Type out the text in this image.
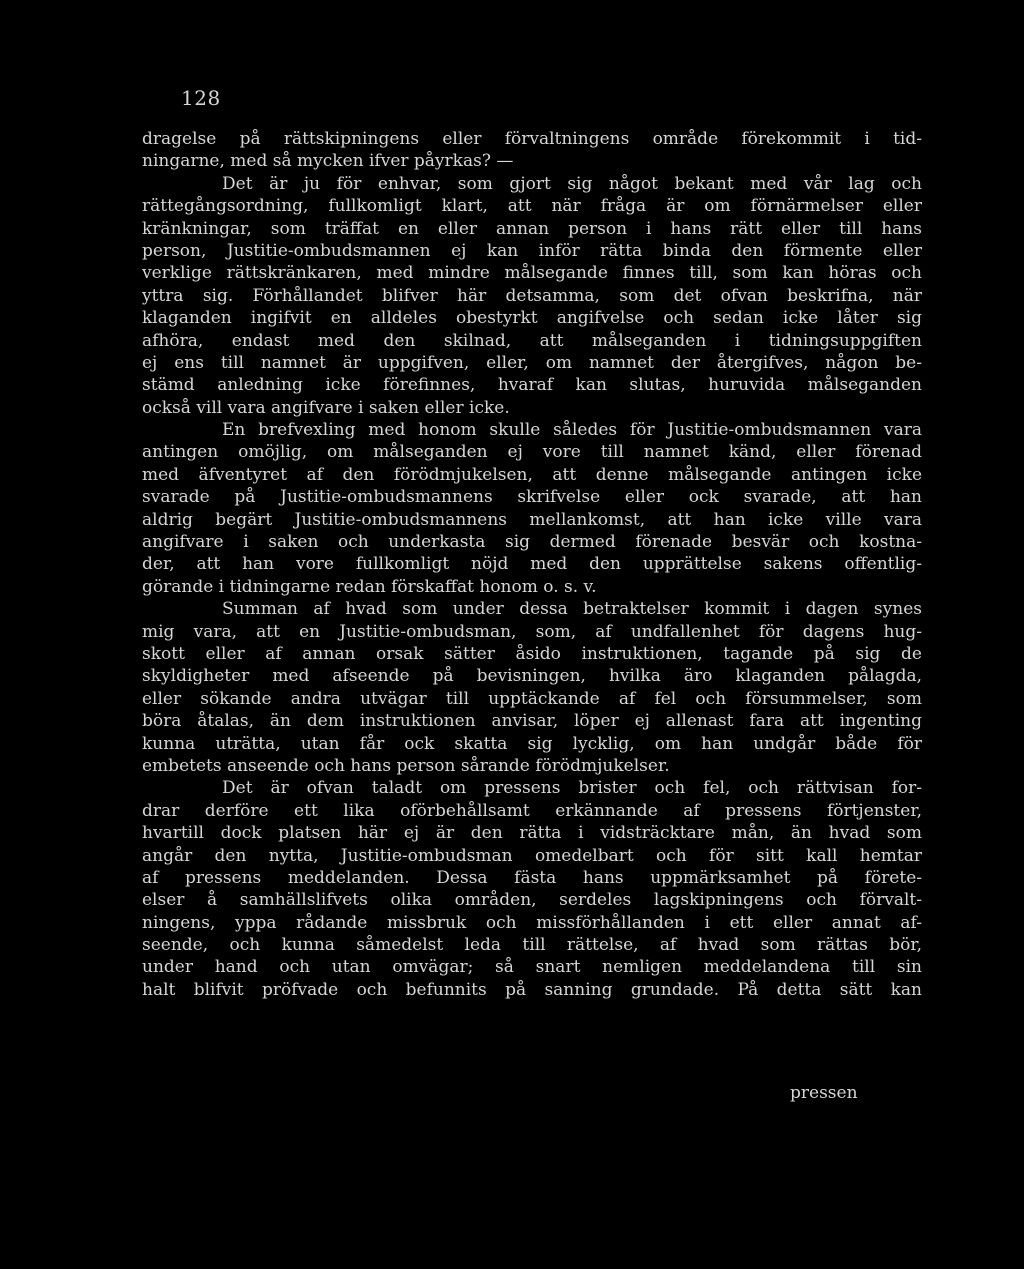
128
dragelse på rättskipningens eller förvaltningens område förekommit i tid-
ningarne, med så mycken ifver påyrkas? —
Det är ju för enhvar, som gjort sig något bekant med vår lag och
rättegångsordning, fullkomligt klart, att när fråga är om förnärmelser eller
kränkningar, som träffat en eller annan person i hans rätt eller till hans
person, Justitie-ombudsmannen ej kan inför rätta binda den förmente eller
verklige rättskränkaren, med mindre målsegande finnes till, som kan höras och
yttra sig. Förhållandet blifver här detsamma, som det ofvan beskrifna, när
klaganden ingifvit en alldeles obestyrkt angifvelse och sedan icke låter sig
afhöra, endast med den skilnad, att målseganden i tidningsuppgiften
ej ens till namnet är uppgifven, eller, om namnet der återgifves, någon be-
stämd anledning icke förefinnes, hvaraf kan slutas, huruvida målseganden
också vill vara angifvare i saken eller icke.
En brefvexling med honom skulle således för Justitie-ombudsmannen vara
antingen omöjlig, om målseganden ej vore till namnet känd, eller förenad
med äfventyret af den förödmjukelsen, att denne målsegande antingen icke
svarade på Justitie-ombudsmannens skrifvelse eller ock svarade, att han
aldrig begärt Justitie-ombudsmannens mellankomst, att han icke ville vara
angifvare i saken och underkasta sig dermed förenade besvär och kostna-
der, att han vore fullkomligt nöjd med den upprättelse sakens offentlig-
görande i tidningarne redan förskaffat honom o. s. v.
Summan af hvad som under dessa betraktelser kommit i dagen synes
mig vara, att en Justitie-ombudsman, som, af undfallenhet för dagens hug-
skott eller af annan orsak sätter åsido instruktionen, tagande på sig de
skyldigheter med afseende på bevisningen, hvilka äro klaganden pålagda,
eller sökande andra utvägar till upptäckande af fel och försummelser, som
böra åtalas, än dem instruktionen anvisar, löper ej allenast fara att ingenting
kunna uträtta, utan får ock skatta sig lycklig, om han undgår både för
embetets anseende och hans person sårande förödmjukelser.
Det är ofvan taladt om pressens brister och fel, och rättvisan for-
drar derföre ett lika oförbehållsamt erkännande af pressens förtjenster,
hvartill dock platsen här ej är den rätta i vidsträcktare mån, än hvad som
angår den nytta, Justitie-ombudsman omedelbart och för sitt kall hemtar
af pressens meddelanden. Dessa fästa hans uppmärksamhet på förete-
elser å samhällslifvets olika områden, serdeles lagskipningens och förvalt-
ningens, yppa rådande missbruk och missförhållanden i ett eller annat af-
seende, och kunna såmedelst leda till rättelse, af hvad som rättas bör,
under hand och utan omvägar; så snart nemligen meddelandena till sin
halt blifvit pröfvade och befunnits på sanning grundade. På detta sätt kan
pressen
